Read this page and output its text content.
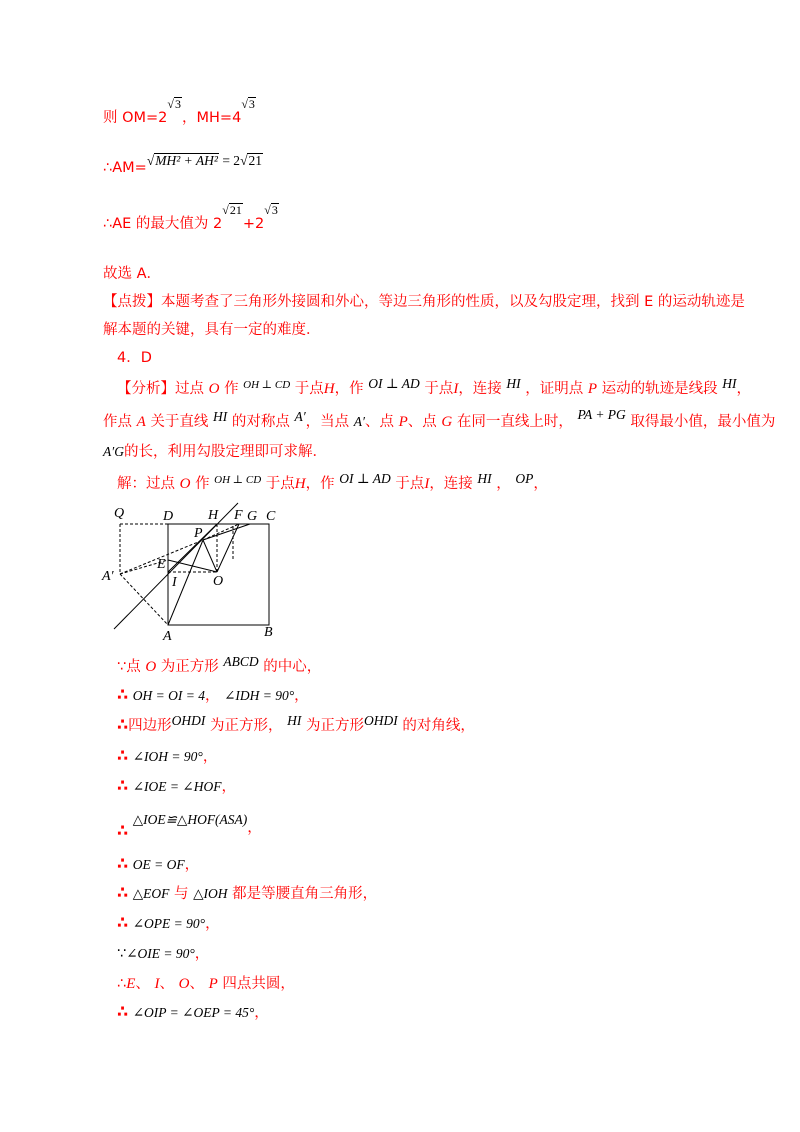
则 $OM=2^{√3}$，$MH=4^{√3}$
∴AM=√MH² + AH² = 2√21
∴AE 的最大值为 $2^{√21}+2^{√3}$
故选 A．
【点拨】本题考查了三角形外接圆和外心，等边三角形的性质，以及勾股定理，找到 E 的运动轨迹是
解本题的关键，具有一定的难度．
4．D
【分析】过点 O 作 $^{OH \perp CD}$ 于点H，作 OI ⊥ AD 于点I，连接 HI ，证明点 P 运动的轨迹是线段 HI，
作点 A 关于直线 HI 的对称点 A′，当点 A′、点 P、点 G 在同一直线上时， PA + PG 取得最小值，最小值为
A′G的长，利用勾股定理即可求解．
解：过点 O 作 $^{OH \perp CD}$ 于点H，作 OI ⊥ AD 于点I，连接 HI ， OP，
Q	D H F G C
P
E
I	O
A′
A	B
∵点 O 为正方形 ABCD 的中心，
∴ OH = OI = 4， ∠IDH = 90°，
∴四边形OHDI 为正方形， HI 为正方形OHDI 的对角线，
∴ ∠IOH = 90°，
∴ ∠IOE = ∠HOF，
∴ △IOE≌△HOF(ASA)，
∴ OE = OF，
∴ △EOF 与 △IOH 都是等腰直角三角形，
∴ ∠OPE = 90°，
∵∠OIE = 90°，
∴E、 I、 O、 P 四点共圆，
∴ ∠OIP = ∠OEP = 45°，
